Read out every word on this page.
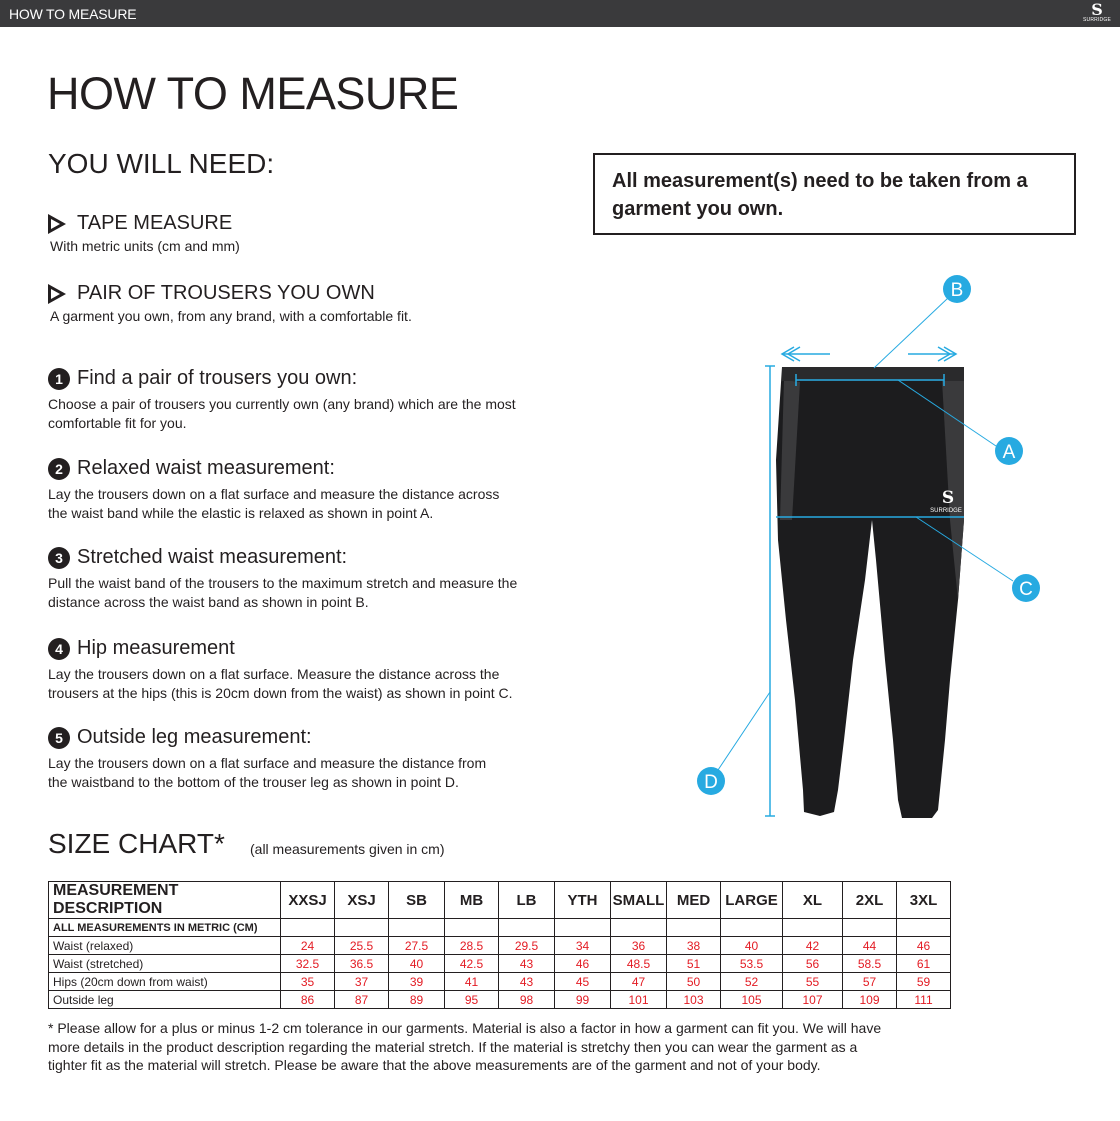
HOW TO MEASURE	S
SURRIDGE
HOW TO MEASURE
YOU WILL NEED:
TAPE MEASURE
With metric units (cm and mm)
PAIR OF TROUSERS YOU OWN
A garment you own, from any brand, with a comfortable fit.
1 Find a pair of trousers you own:
Choose a pair of trousers you currently own (any brand) which are the most comfortable fit for you.
2 Relaxed waist measurement:
Lay the trousers down on a flat surface and measure the distance across the waist band while the elastic is relaxed as shown in point A.
3 Stretched waist measurement:
Pull the waist band of the trousers to the maximum stretch and measure the distance across the waist band as shown in point B.
4 Hip measurement
Lay the trousers down on a flat surface. Measure the distance across the trousers at the hips (this is 20cm down from the waist) as shown in point C.
5 Outside leg measurement:
Lay the trousers down on a flat surface and measure the distance from the waistband to the bottom of the trouser leg as shown in point D.
All measurement(s) need to be taken from a garment you own.
S
SURRIDGE
A
B
C
D
SIZE CHART* (all measurements given in cm)
MEASUREMENT DESCRIPTION	XXSJ	XSJ	SB	MB	LB	YTH	SMALL	MED	LARGE	XL	2XL	3XL
ALL MEASUREMENTS IN METRIC (CM)												
Waist (relaxed)	24	25.5	27.5	28.5	29.5	34	36	38	40	42	44	46
Waist (stretched)	32.5	36.5	40	42.5	43	46	48.5	51	53.5	56	58.5	61
Hips (20cm down from waist)	35	37	39	41	43	45	47	50	52	55	57	59
Outside leg	86	87	89	95	98	99	101	103	105	107	109	111
* Please allow for a plus or minus 1-2 cm tolerance in our garments. Material is also a factor in how a garment can fit you. We will have more details in the product description regarding the material stretch. If the material is stretchy then you can wear the garment as a tighter fit as the material will stretch. Please be aware that the above measurements are of the garment and not of your body.
